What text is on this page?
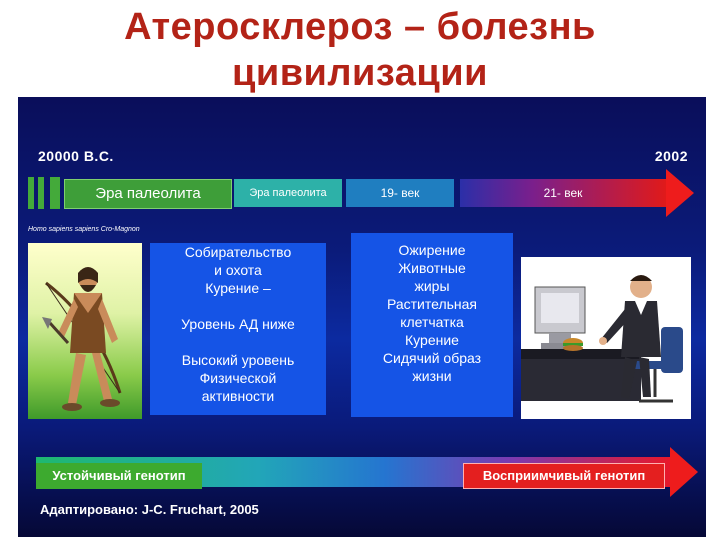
Атеросклероз – болезнь цивилизации
20000 B.C.	2002
Эра палеолита	Эра палеолита	19- век	21- век
Homo sapiens sapiens Cro-Magnon

Собирательство
и охота
Курение –

Уровень АД ниже

Высокий уровень
Физической
активности

Ожирение
Животные
жиры
Растительная
клетчатка
Курение
Сидячий образ
жизни

Устойчивый генотип	Восприимчивый генотип
Адаптировано: J-C. Fruchart, 2005
